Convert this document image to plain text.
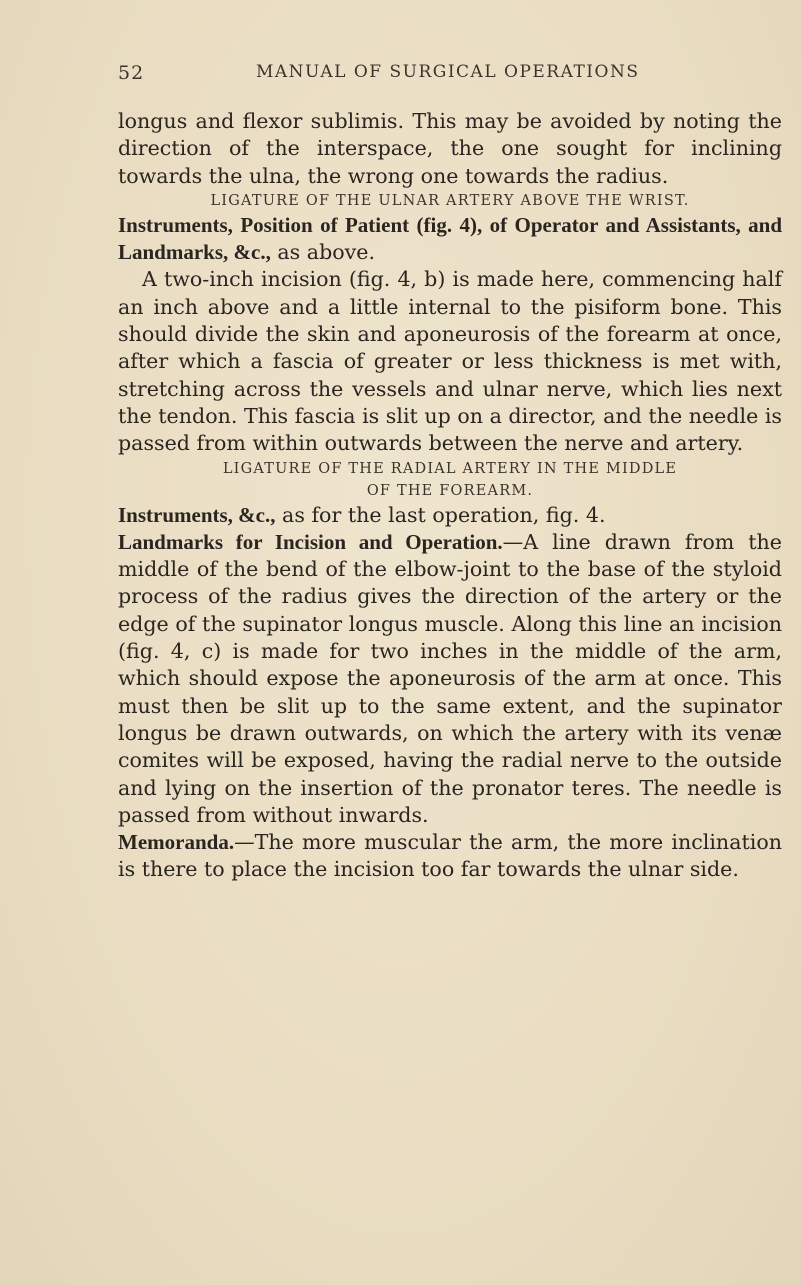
52	MANUAL OF SURGICAL OPERATIONS

longus and flexor sublimis. This may be avoided by noting the direction of the interspace, the one sought for inclining towards the ulna, the wrong one towards the radius.

LIGATURE OF THE ULNAR ARTERY ABOVE THE WRIST.

Instruments, Position of Patient (fig. 4), of Operator and Assistants, and Landmarks, &c., as above.

A two-inch incision (fig. 4, b) is made here, commencing half an inch above and a little internal to the pisiform bone. This should divide the skin and aponeurosis of the forearm at once, after which a fascia of greater or less thickness is met with, stretching across the vessels and ulnar nerve, which lies next the tendon. This fascia is slit up on a director, and the needle is passed from within outwards between the nerve and artery.

LIGATURE OF THE RADIAL ARTERY IN THE MIDDLE
OF THE FOREARM.

Instruments, &c., as for the last operation, fig. 4.

Landmarks for Incision and Operation.—A line drawn from the middle of the bend of the elbow-joint to the base of the styloid process of the radius gives the direction of the artery or the edge of the supinator longus muscle. Along this line an incision (fig. 4, c) is made for two inches in the middle of the arm, which should expose the aponeurosis of the arm at once. This must then be slit up to the same extent, and the supinator longus be drawn outwards, on which the artery with its venæ comites will be exposed, having the radial nerve to the outside and lying on the insertion of the pronator teres. The needle is passed from without inwards.

Memoranda.—The more muscular the arm, the more inclination is there to place the incision too far towards the ulnar side.
